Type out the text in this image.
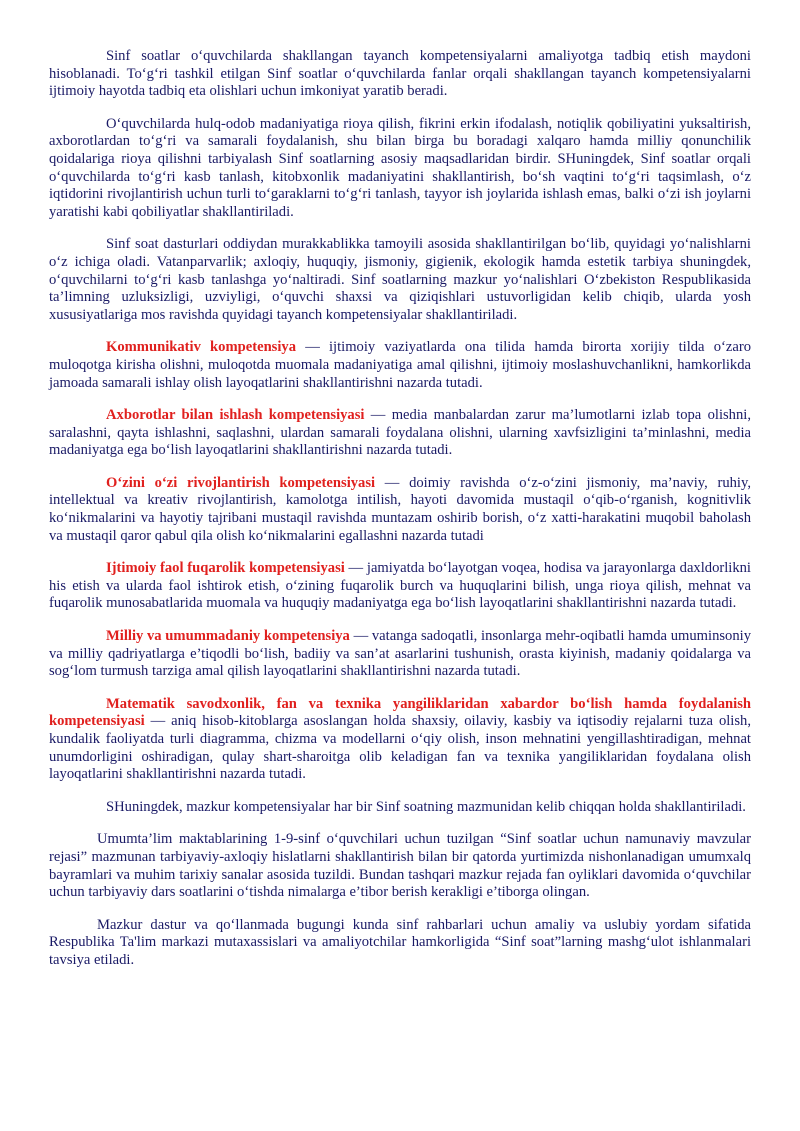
Sinf soatlar o‘quvchilarda shakllangan tayanch kompetensiyalarni amaliyotga tadbiq etish maydoni hisoblanadi. To‘g‘ri tashkil etilgan Sinf soatlar o‘quvchilarda fanlar orqali shakllangan tayanch kompetensiyalarni ijtimoiy hayotda tadbiq eta olishlari uchun imkoniyat yaratib beradi.

O‘quvchilarda hulq-odob madaniyatiga rioya qilish, fikrini erkin ifodalash, notiqlik qobiliyatini yuksaltirish, axborotlardan to‘g‘ri va samarali foydalanish, shu bilan birga bu boradagi xalqaro hamda milliy qonunchilik qoidalariga rioya qilishni tarbiyalash Sinf soatlarning asosiy maqsadlaridan birdir. SHuningdek, Sinf soatlar orqali o‘quvchilarda to‘g‘ri kasb tanlash, kitobxonlik madaniyatini shakllantirish, bo‘sh vaqtini to‘g‘ri taqsimlash, o‘z iqtidorini rivojlantirish uchun turli to‘garaklarni to‘g‘ri tanlash, tayyor ish joylarida ishlash emas, balki o‘zi ish joylarni yaratishi kabi qobiliyatlar shakllantiriladi.

Sinf soat dasturlari oddiydan murakkablikka tamoyili asosida shakllantirilgan bo‘lib, quyidagi yo‘nalishlarni o‘z ichiga oladi. Vatanparvarlik; axloqiy, huquqiy, jismoniy, gigienik, ekologik hamda estetik tarbiya shuningdek, o‘quvchilarni to‘g‘ri kasb tanlashga yo‘naltiradi. Sinf soatlarning mazkur yo‘nalishlari O‘zbekiston Respublikasida ta’limning uzluksizligi, uzviyligi, o‘quvchi shaxsi va qiziqishlari ustuvorligidan kelib chiqib, ularda yosh xususiyatlariga mos ravishda quyidagi tayanch kompetensiyalar shakllantiriladi.

Kommunikativ kompetensiya — ijtimoiy vaziyatlarda ona tilida hamda birorta xorijiy tilda o‘zaro muloqotga kirisha olishni, muloqotda muomala madaniyatiga amal qilishni, ijtimoiy moslashuvchanlikni, hamkorlikda jamoada samarali ishlay olish layoqatlarini shakllantirishni nazarda tutadi.

Axborotlar bilan ishlash kompetensiyasi — media manbalardan zarur ma’lumotlarni izlab topa olishni, saralashni, qayta ishlashni, saqlashni, ulardan samarali foydalana olishni, ularning xavfsizligini ta’minlashni, media madaniyatga ega bo‘lish layoqatlarini shakllantirishni nazarda tutadi.

O‘zini o‘zi rivojlantirish kompetensiyasi — doimiy ravishda o‘z-o‘zini jismoniy, ma’naviy, ruhiy, intellektual va kreativ rivojlantirish, kamolotga intilish, hayoti davomida mustaqil o‘qib-o‘rganish, kognitivlik ko‘nikmalarini va hayotiy tajribani mustaqil ravishda muntazam oshirib borish, o‘z xatti-harakatini muqobil baholash va mustaqil qaror qabul qila olish ko‘nikmalarini egallashni nazarda tutadi

Ijtimoiy faol fuqarolik kompetensiyasi — jamiyatda bo‘layotgan voqea, hodisa va jarayonlarga daxldorlikni his etish va ularda faol ishtirok etish, o‘zining fuqarolik burch va huquqlarini bilish, unga rioya qilish, mehnat va fuqarolik munosabatlarida muomala va huquqiy madaniyatga ega bo‘lish layoqatlarini shakllantirishni nazarda tutadi.

Milliy va umummadaniy kompetensiya — vatanga sadoqatli, insonlarga mehr-oqibatli hamda umuminsoniy va milliy qadriyatlarga e’tiqodli bo‘lish, badiiy va san’at asarlarini tushunish, orasta kiyinish, madaniy qoidalarga va sog‘lom turmush tarziga amal qilish layoqatlarini shakllantirishni nazarda tutadi.

Matematik savodxonlik, fan va texnika yangiliklaridan xabardor bo‘lish hamda foydalanish kompetensiyasi — aniq hisob-kitoblarga asoslangan holda shaxsiy, oilaviy, kasbiy va iqtisodiy rejalarni tuza olish, kundalik faoliyatda turli diagramma, chizma va modellarni o‘qiy olish, inson mehnatini yengillashtiradigan, mehnat unumdorligini oshiradigan, qulay shart-sharoitga olib keladigan fan va texnika yangiliklaridan foydalana olish layoqatlarini shakllantirishni nazarda tutadi.

SHuningdek, mazkur kompetensiyalar har bir Sinf soatning mazmunidan kelib chiqqan holda shakllantiriladi.

Umumta’lim maktablarining 1-9-sinf o‘quvchilari uchun tuzilgan “Sinf soatlar uchun namunaviy mavzular rejasi” mazmunan tarbiyaviy-axloqiy hislatlarni shakllantirish bilan bir qatorda yurtimizda nishonlanadigan umumxalq bayramlari va muhim tarixiy sanalar asosida tuzildi. Bundan tashqari mazkur rejada fan oyliklari davomida o‘quvchilar uchun tarbiyaviy dars soatlarini o‘tishda nimalarga e’tibor berish kerakligi e’tiborga olingan.

Mazkur dastur va qo‘llanmada bugungi kunda sinf rahbarlari uchun amaliy va uslubiy yordam sifatida Respublika Ta'lim markazi mutaxassislari va amaliyotchilar hamkorligida “Sinf soat”larning mashg‘ulot ishlanmalari tavsiya etiladi.
